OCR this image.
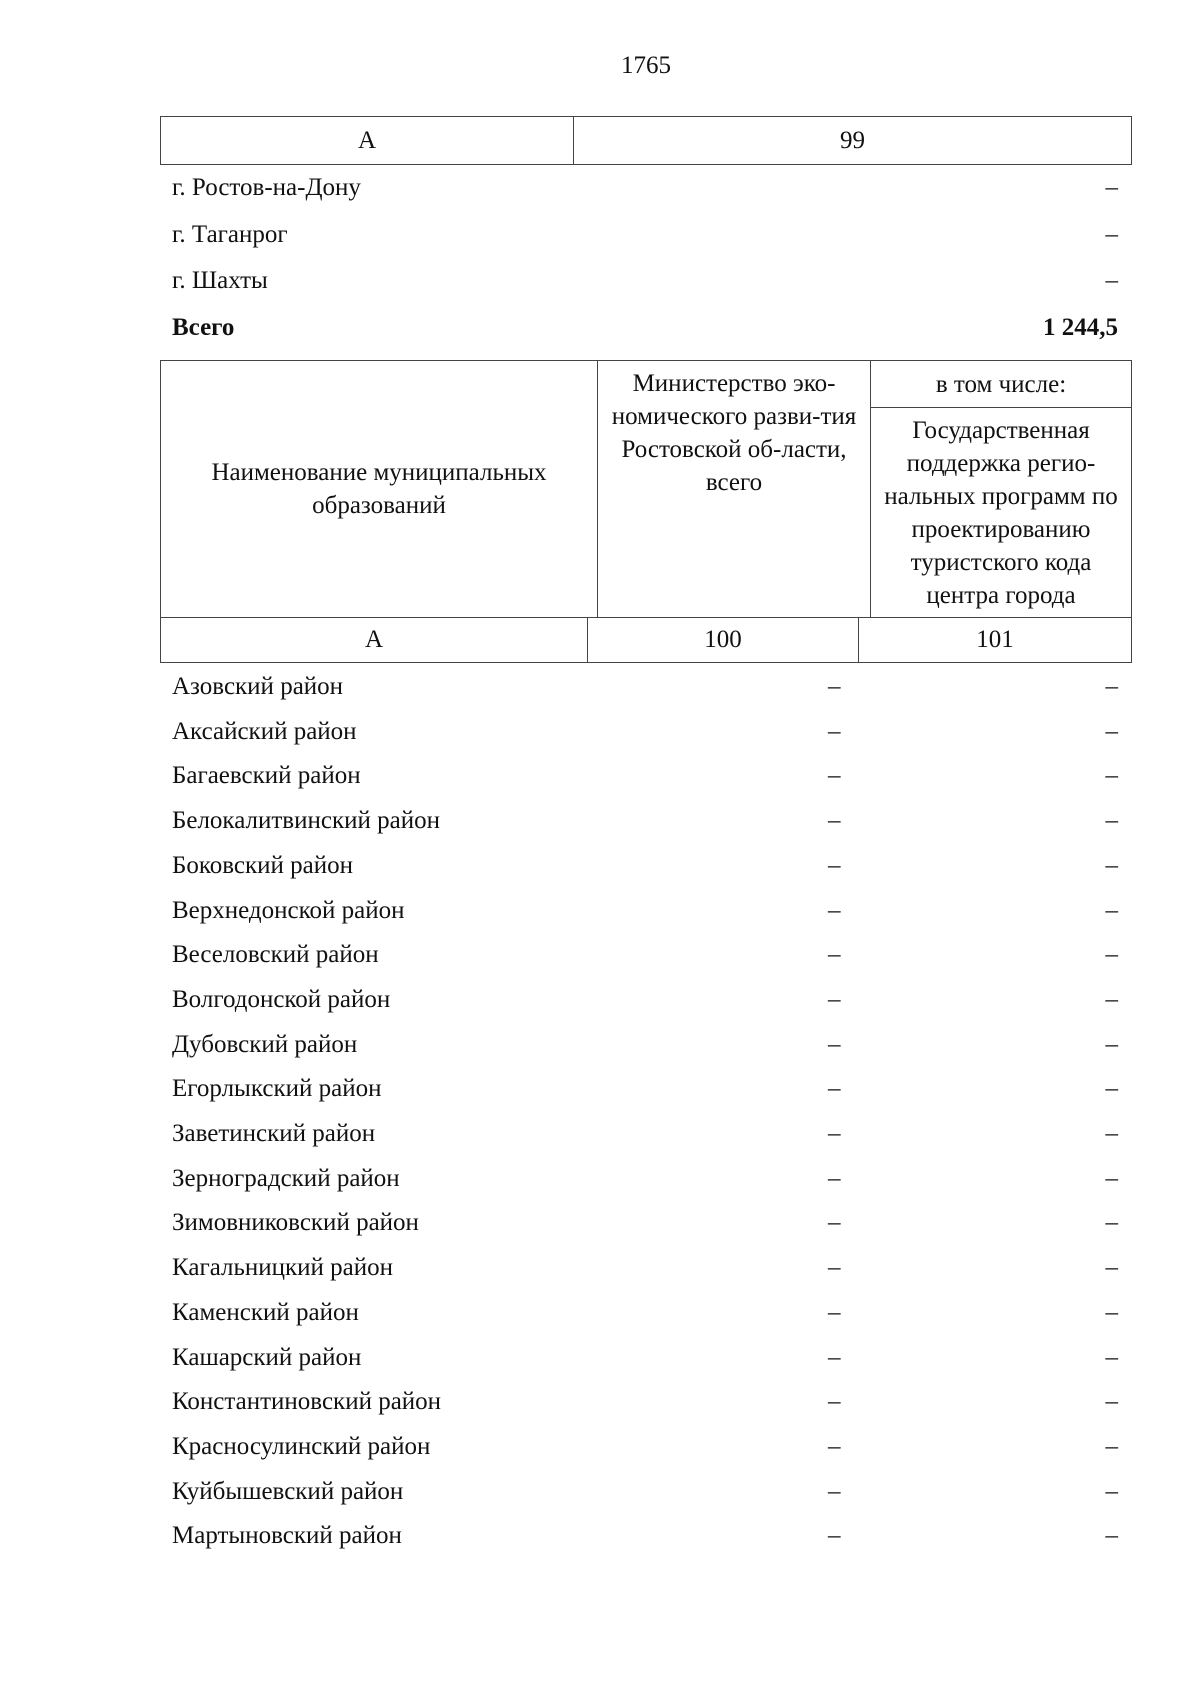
1765
А	99
г. Ростов-на-Дону	–
г. Таганрог	–
г. Шахты	–
Всего	1 244,5
Наименование муниципальных образований	Министерство эко-номического разви-тия Ростовской об-ласти, всего	в том числе:
Государственная поддержка регио-нальных программ по проектированию туристского кода центра города
А	100	101
Азовский район	–	–
Аксайский район	–	–
Багаевский район	–	–
Белокалитвинский район	–	–
Боковский район	–	–
Верхнедонской район	–	–
Веселовский район	–	–
Волгодонской район	–	–
Дубовский район	–	–
Егорлыкский район	–	–
Заветинский район	–	–
Зерноградский район	–	–
Зимовниковский район	–	–
Кагальницкий район	–	–
Каменский район	–	–
Кашарский район	–	–
Константиновский район	–	–
Красносулинский район	–	–
Куйбышевский район	–	–
Мартыновский район	–	–
